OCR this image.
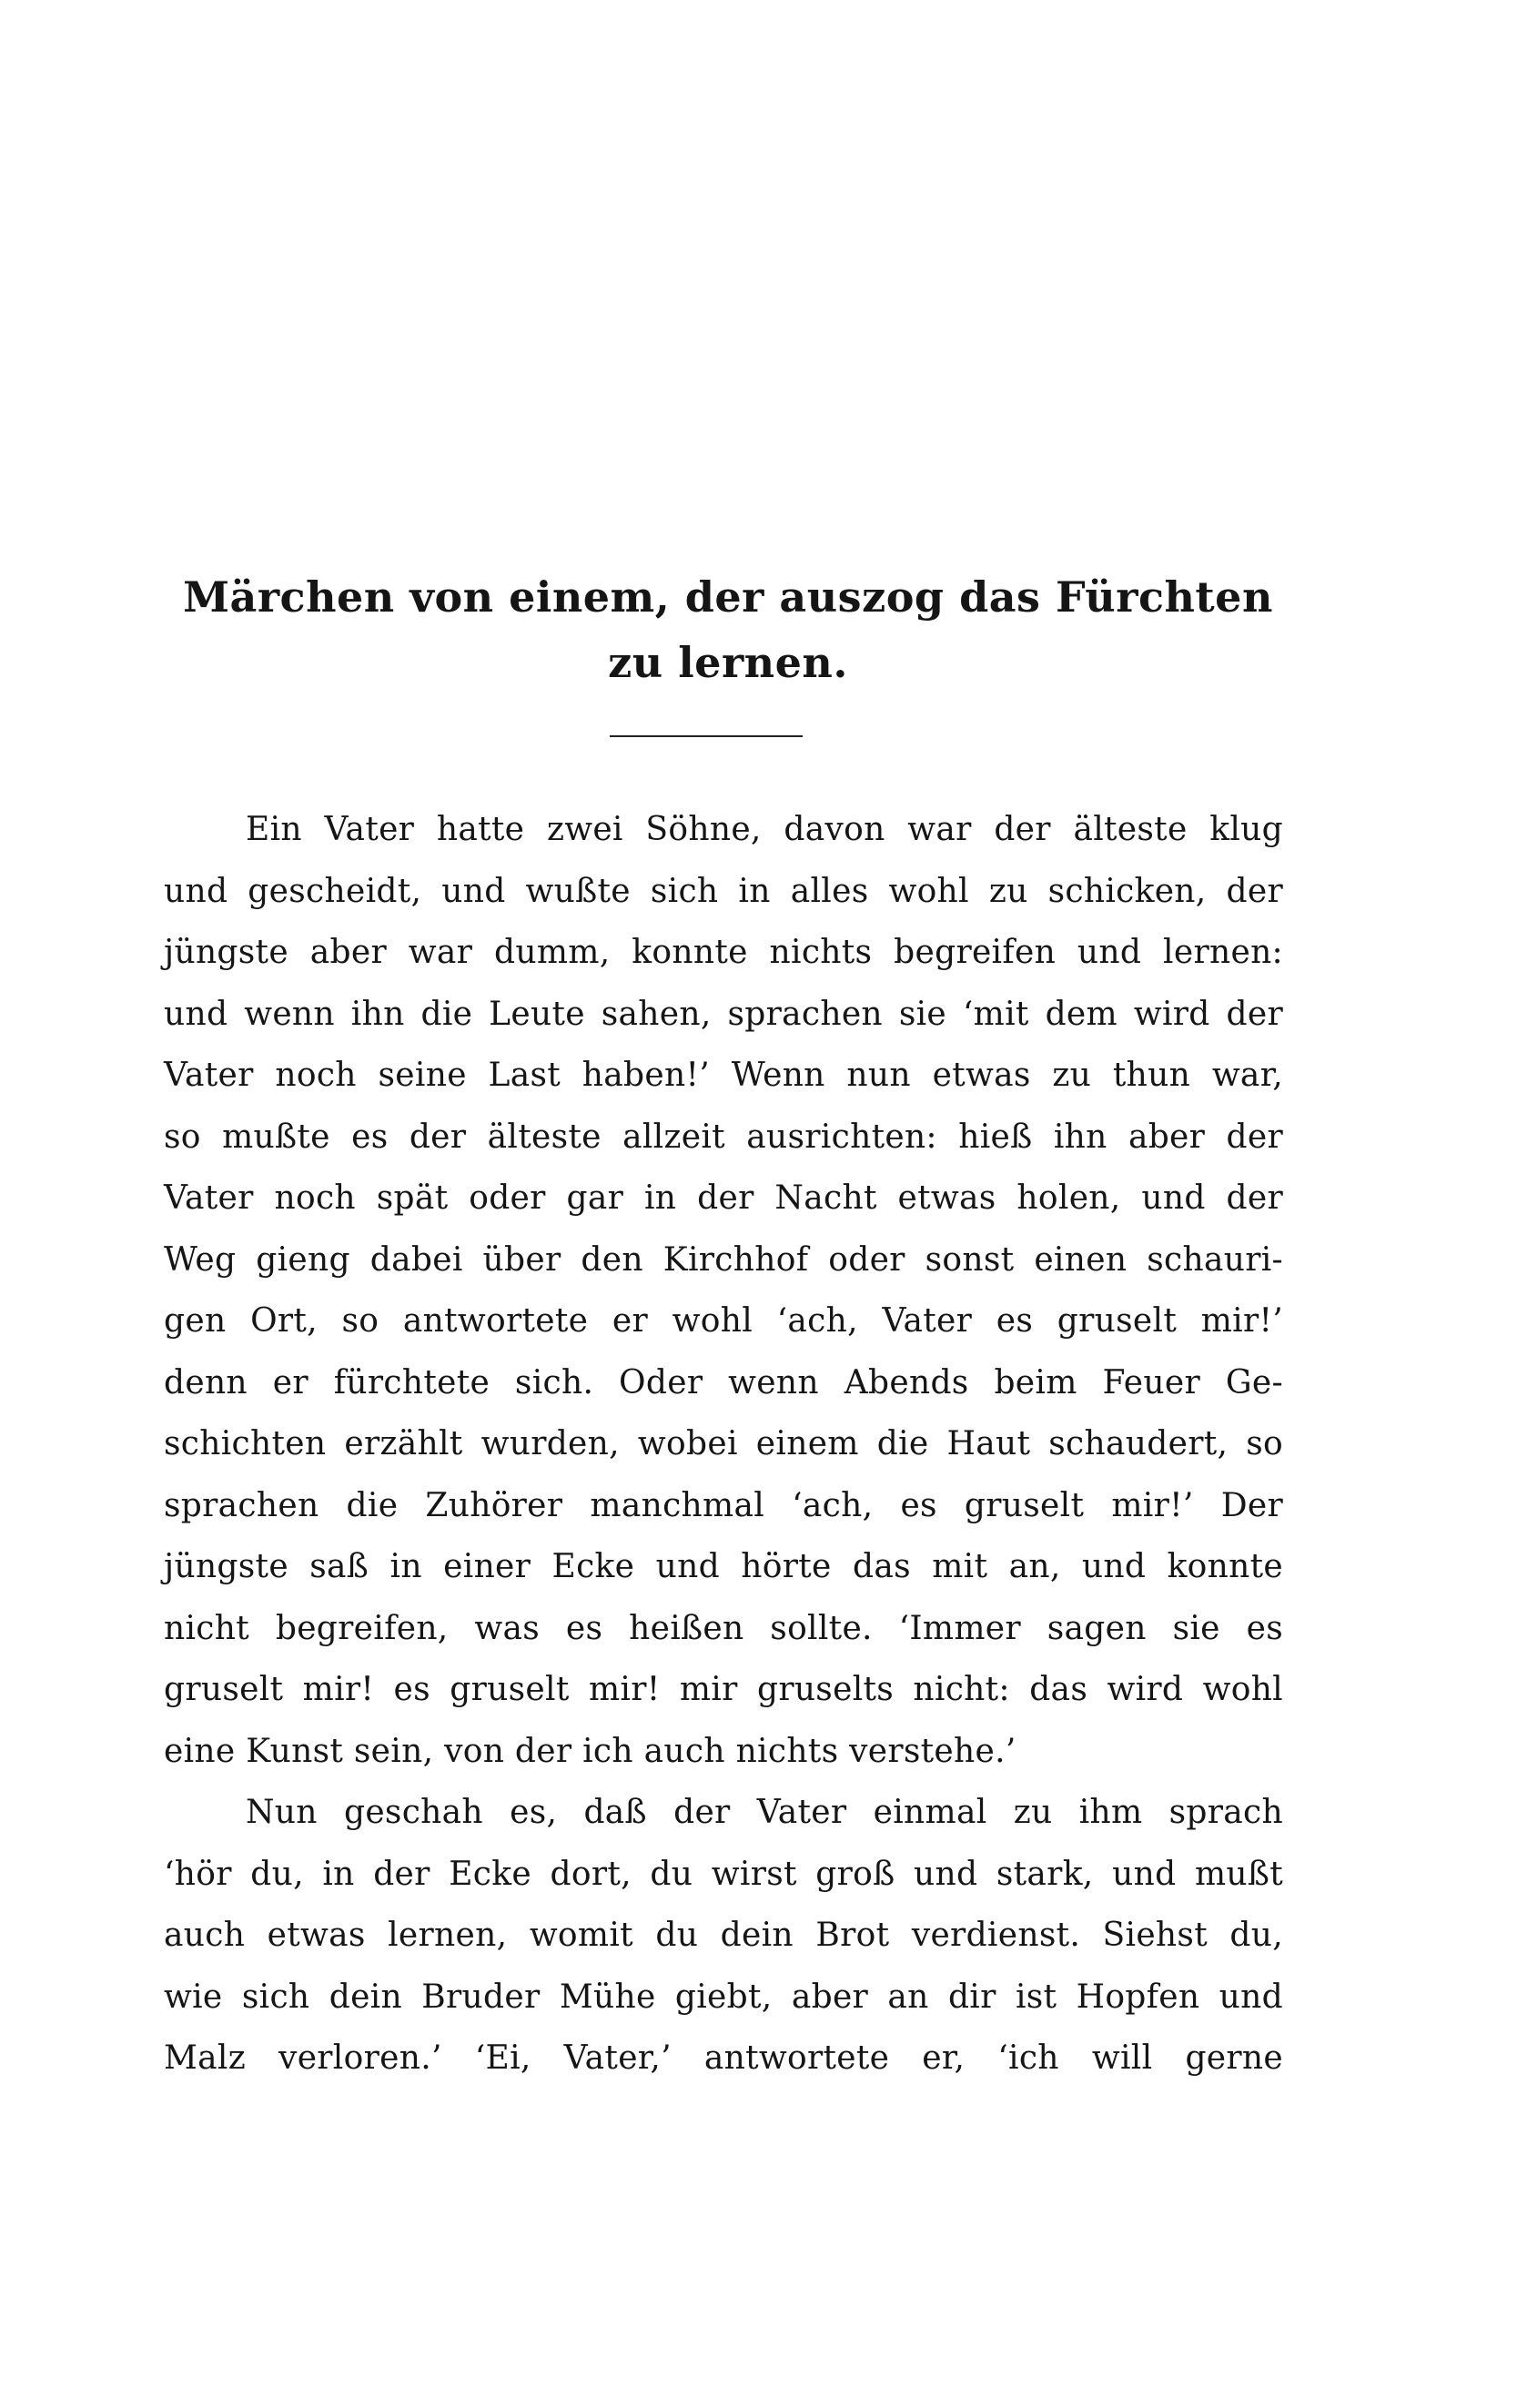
Märchen von einem, der auszog das Fürchten
zu lernen.
Ein Vater hatte zwei Söhne, davon war der älteste klug
und gescheidt, und wußte sich in alles wohl zu schicken, der
jüngste aber war dumm, konnte nichts begreifen und lernen:
und wenn ihn die Leute sahen, sprachen sie ‘mit dem wird der
Vater noch seine Last haben!’ Wenn nun etwas zu thun war,
so mußte es der älteste allzeit ausrichten: hieß ihn aber der
Vater noch spät oder gar in der Nacht etwas holen, und der
Weg gieng dabei über den Kirchhof oder sonst einen schauri-
gen Ort, so antwortete er wohl ‘ach, Vater es gruselt mir!’
denn er fürchtete sich. Oder wenn Abends beim Feuer Ge-
schichten erzählt wurden, wobei einem die Haut schaudert, so
sprachen die Zuhörer manchmal ‘ach, es gruselt mir!’ Der
jüngste saß in einer Ecke und hörte das mit an, und konnte
nicht begreifen, was es heißen sollte. ‘Immer sagen sie es
gruselt mir! es gruselt mir! mir gruselts nicht: das wird wohl
eine Kunst sein, von der ich auch nichts verstehe.’
Nun geschah es, daß der Vater einmal zu ihm sprach
‘hör du, in der Ecke dort, du wirst groß und stark, und mußt
auch etwas lernen, womit du dein Brot verdienst. Siehst du,
wie sich dein Bruder Mühe giebt, aber an dir ist Hopfen und
Malz verloren.’ ‘Ei, Vater,’ antwortete er, ‘ich will gerne
